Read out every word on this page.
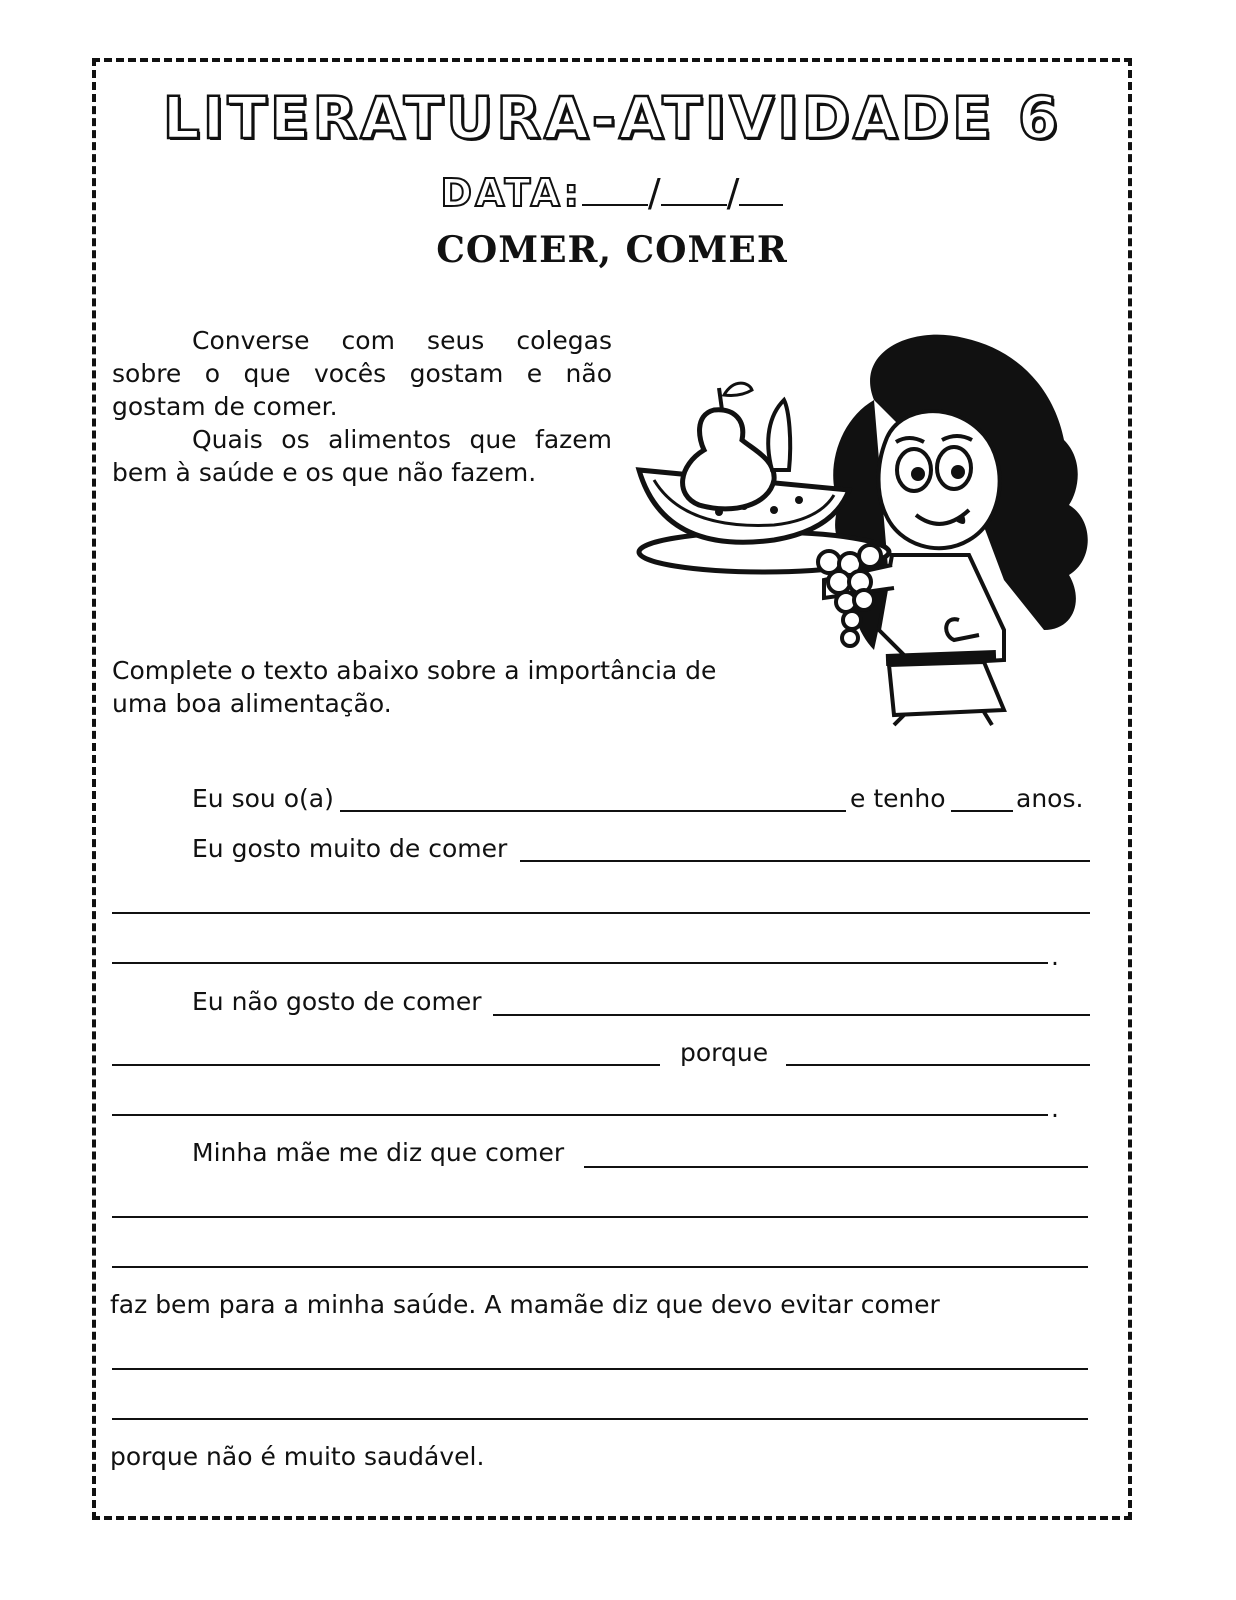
LITERATURA-ATIVIDADE 6
DATA: / /
COMER, COMER

Converse com seus colegas sobre o que vocês gostam e não gostam de comer.

Quais os alimentos que fazem bem à saúde e os que não fazem.

Complete o texto abaixo sobre a importância de uma boa alimentação.
Eu sou o(a)	e tenho	anos.
Eu gosto muito de comer
.
Eu não gosto de comer
porque
.
Minha mãe me diz que comer
faz bem para a minha saúde. A mamãe diz que devo evitar comer
porque não é muito saudável.
